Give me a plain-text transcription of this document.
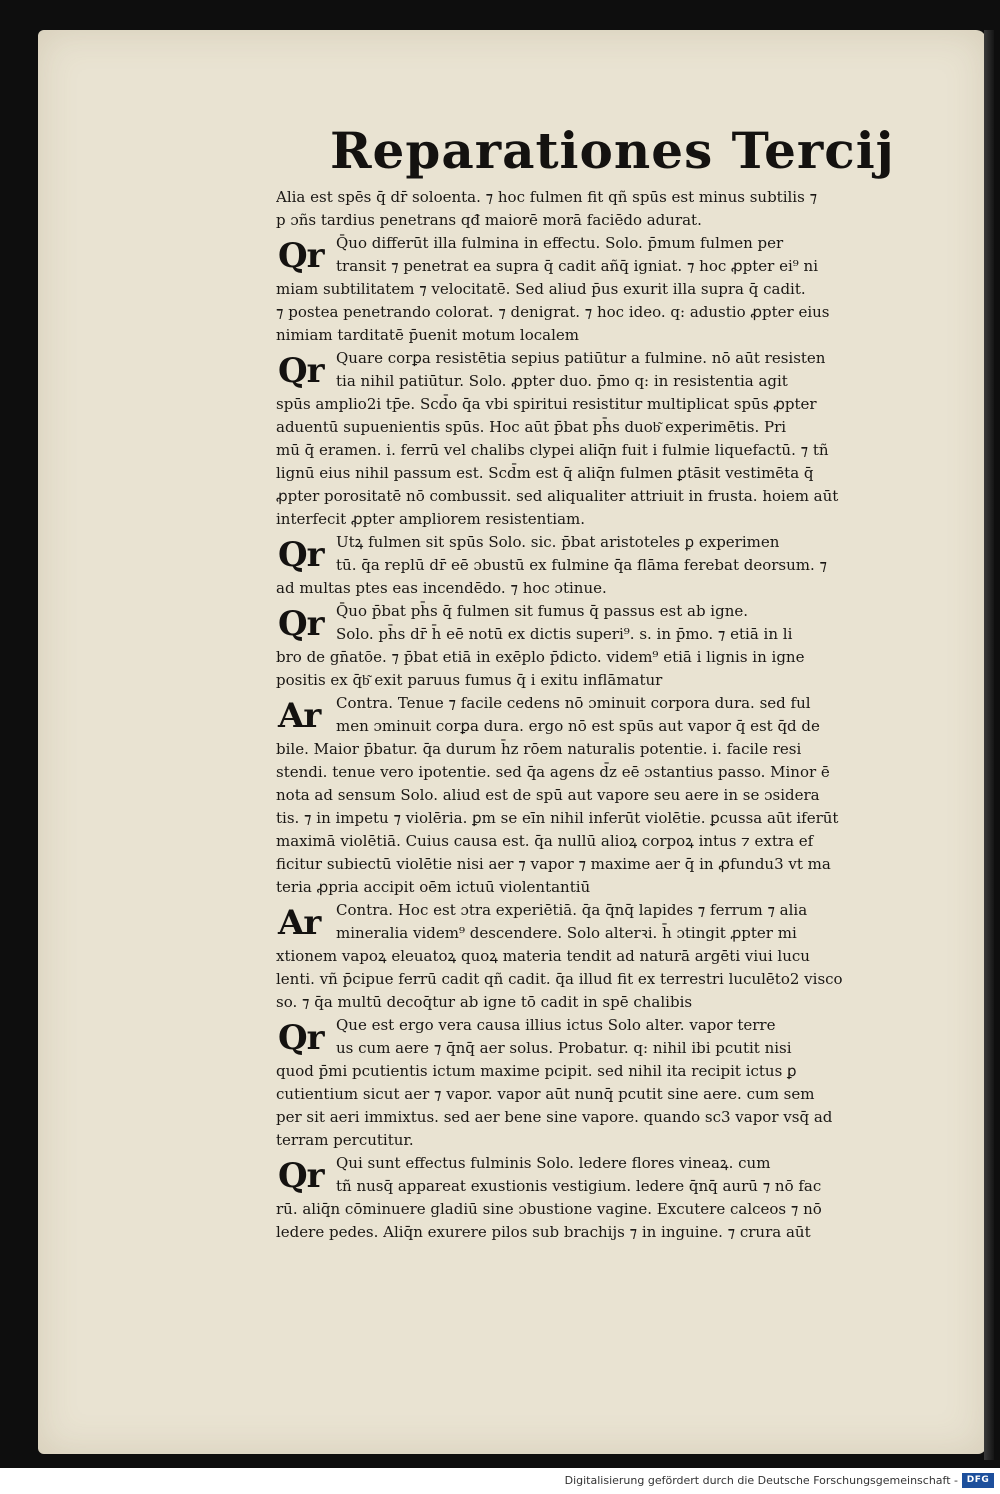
Reparationes Tercij
Alia est spēs q̄ dr̄ soloenta. ⁊ hoc fulmen fit qñ spūs est minus subtilis ⁊
p ɔñs tardius penetrans qđ maiorē morā faciēdo adurat.
Q̄uo differūt illa fulmina in effectu. Solo. p̄mum fulmen per
transit ⁊ penetrat ea supra q̄ cadit añq̄ igniat. ⁊ hoc ꝓpter ei⁹ ni
miam subtilitatem ⁊ velocitatē. Sed aliud p̄us exurit illa supra q̄ cadit.
⁊ postea penetrando colorat. ⁊ denigrat. ⁊ hoc ideo. q: adustio ꝓpter eius
nimiam tarditatē p̄uenit motum localem
Quare corꝑa resistētia sepius patiūtur a fulmine. nō aūt resisten
tia nihil patiūtur. Solo. ꝓpter duo. p̄mo q: in resistentia agit
spūs amplio2i tp̄e. Scd̄o q̄a vbi spiritui resistitur multiplicat spūs ꝓpter
aduentū supuenientis spūs. Hoc aūt p̄bat ph̄s duob͂ experimētis. Pri
mū q̄ eramen. i. ferrū vel chalibs clypei aliq̄n fuit i fulmie liquefactū. ⁊ tñ
lignū eius nihil passum est. Scd̄m est q̄ aliq̄n fulmen ꝑtāsit vestimēta q̄
ꝓpter porositatē nō combussit. sed aliqualiter attriuit in frusta. hoiem aūt
interfecit ꝓpter ampliorem resistentiam.
Utꝝ fulmen sit spūs Solo. sic. p̄bat aristoteles ꝑ experimen
tū. q̄a replū dr̄ eē ɔbustū ex fulmine q̄a flāma ferebat deorsum. ⁊
ad multas ptes eas incendēdo. ⁊ hoc ɔtinue.
Q̄uo p̄bat ph̄s q̄ fulmen sit fumus q̄ passus est ab igne.
Solo. ph̄s dr̄ h̄ eē notū ex dictis superi⁹. s. in p̄mo. ⁊ etiā in li
bro de gn̄atōe. ⁊ p̄bat etiā in exēplo p̄dicto. videm⁹ etiā i lignis in igne
positis ex q̄b͂ exit paruus fumus q̄ i exitu inflāmatur
Contra. Tenue ⁊ facile cedens nō ɔminuit corpora dura. sed ful
men ɔminuit corꝑa dura. ergo nō est spūs aut vapor q̄ est q̄d de
bile. Maior p̄batur. q̄a durum h̄z rōem naturalis potentie. i. facile resi
stendi. tenue vero ipotentie. sed q̄a agens d̄z eē ɔstantius passo. Minor ē
nota ad sensum Solo. aliud est de spū aut vapore seu aere in se ɔsidera
tis. ⁊ in impetu ⁊ violēria. ꝑm se eīn nihil inferūt violētie. ꝑcussa aūt iferūt
maximā violētiā. Cuius causa est. q̄a nullū alioꝝ corpoꝝ intus ⁊ extra ef
ficitur subiectū violētie nisi aer ⁊ vapor ⁊ maxime aer q̄ in ꝓfundu3 vt ma
teria ꝓpria accipit oēm ictuū violentantiū
Contra. Hoc est ɔtra experiētiā. q̄a q̄nq̄ lapides ⁊ ferrum ⁊ alia
mineralia videm⁹ descendere. Solo alterꝛi. h̄ ɔtingit ꝓpter mi
xtionem vapoꝝ eleuatoꝝ quoꝝ materia tendit ad naturā argēti viui lucu
lenti. vñ p̄cipue ferrū cadit qñ cadit. q̄a illud fit ex terrestri luculēto2 visco
so. ⁊ q̄a multū decoq̄tur ab igne tō cadit in spē chalibis
Que est ergo vera causa illius ictus Solo alter. vapor terre
us cum aere ⁊ q̄nq̄ aer solus. Probatur. q: nihil ibi pcutit nisi
quod p̄mi pcutientis ictum maxime pcipit. sed nihil ita recipit ictus ꝑ
cutientium sicut aer ⁊ vapor. vapor aūt nunq̄ pcutit sine aere. cum sem
per sit aeri immixtus. sed aer bene sine vapore. quando sc3 vapor vsq̄ ad
terram percutitur.
Qui sunt effectus fulminis Solo. ledere flores vineaꝝ. cum
tñ nusq̄ appareat exustionis vestigium. ledere q̄nq̄ aurū ⁊ nō fac
rū. aliq̄n cōminuere gladiū sine ɔbustione vagine. Excutere calceos ⁊ nō
ledere pedes. Aliq̄n exurere pilos sub brachijs ⁊ in inguine. ⁊ crura aūt
Qr
Qr
Qr
Qr
Ar
Ar
Qr
Qr
Digitalisierung gefördert durch die Deutsche Forschungsgemeinschaft - DFG
